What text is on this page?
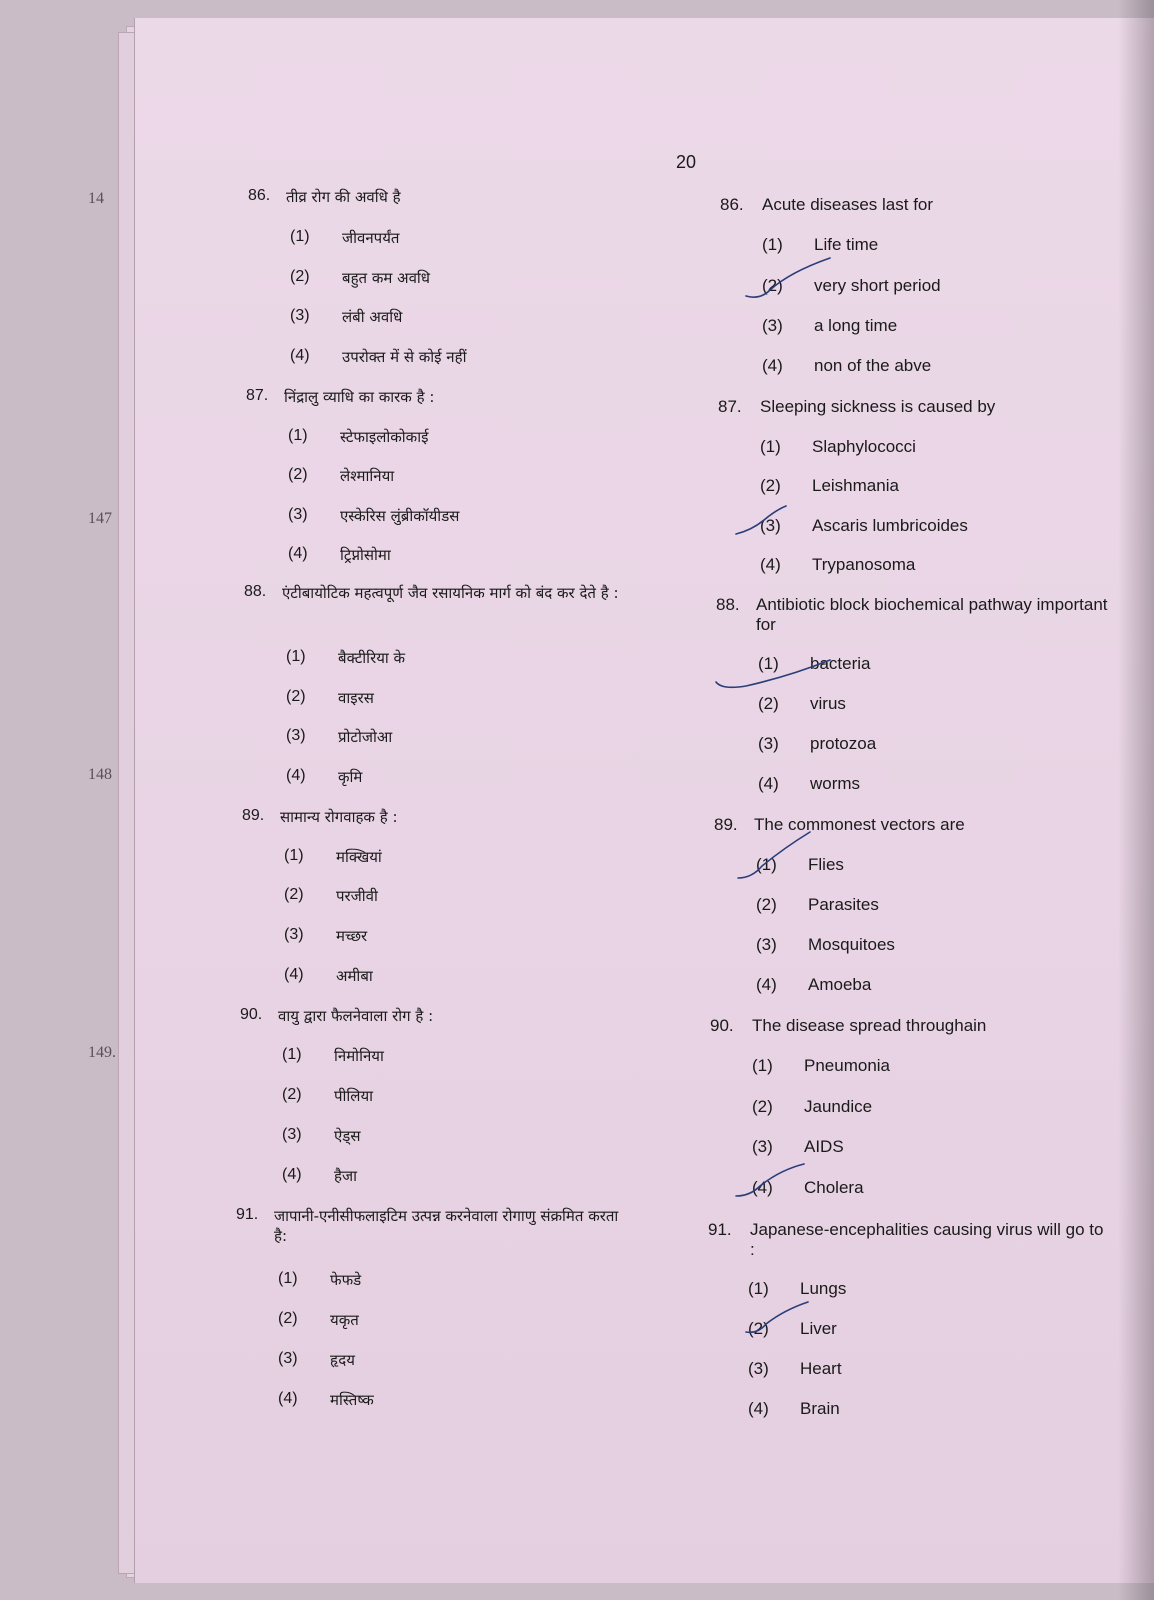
14
147
148
149.
20
86. तीव्र रोग की अवधि है
(1) जीवनपर्यंत
(2) बहुत कम अवधि
(3) लंबी अवधि
(4) उपरोक्त में से कोई नहीं
87. निंद्रालु व्याधि का कारक है :
(1) स्टेफाइलोकोकाई
(2) लेश्मानिया
(3) एस्केरिस लुंब्रीकॉयीडस
(4) ट्रिप्नोसोमा
88. एंटीबायोटिक महत्वपूर्ण जैव रसायनिक मार्ग को बंद कर देते है :
(1) बैक्टीरिया के
(2) वाइरस
(3) प्रोटोजोआ
(4) कृमि
89. सामान्य रोगवाहक है :
(1) मक्खियां
(2) परजीवी
(3) मच्छर
(4) अमीबा
90. वायु द्वारा फैलनेवाला रोग है :
(1) निमोनिया
(2) पीलिया
(3) ऐड्स
(4) हैजा
91. जापानी-एनीसीफलाइटिम उत्पन्न करनेवाला रोगाणु संक्रमित करता है:
(1) फेफडे
(2) यकृत
(3) हृदय
(4) मस्तिष्क
86. Acute diseases last for
(1) Life time
(2) very short period
(3) a long time
(4) non of the abve
87. Sleeping sickness is caused by
(1) Slaphylococci
(2) Leishmania
(3) Ascaris lumbricoides
(4) Trypanosoma
88. Antibiotic block biochemical pathway important for
(1) bacteria
(2) virus
(3) protozoa
(4) worms
89. The commonest vectors are
(1) Flies
(2) Parasites
(3) Mosquitoes
(4) Amoeba
90. The disease spread throughain
(1) Pneumonia
(2) Jaundice
(3) AIDS
(4) Cholera
91. Japanese-encephalities causing virus will go to :
(1) Lungs
(2) Liver
(3) Heart
(4) Brain
